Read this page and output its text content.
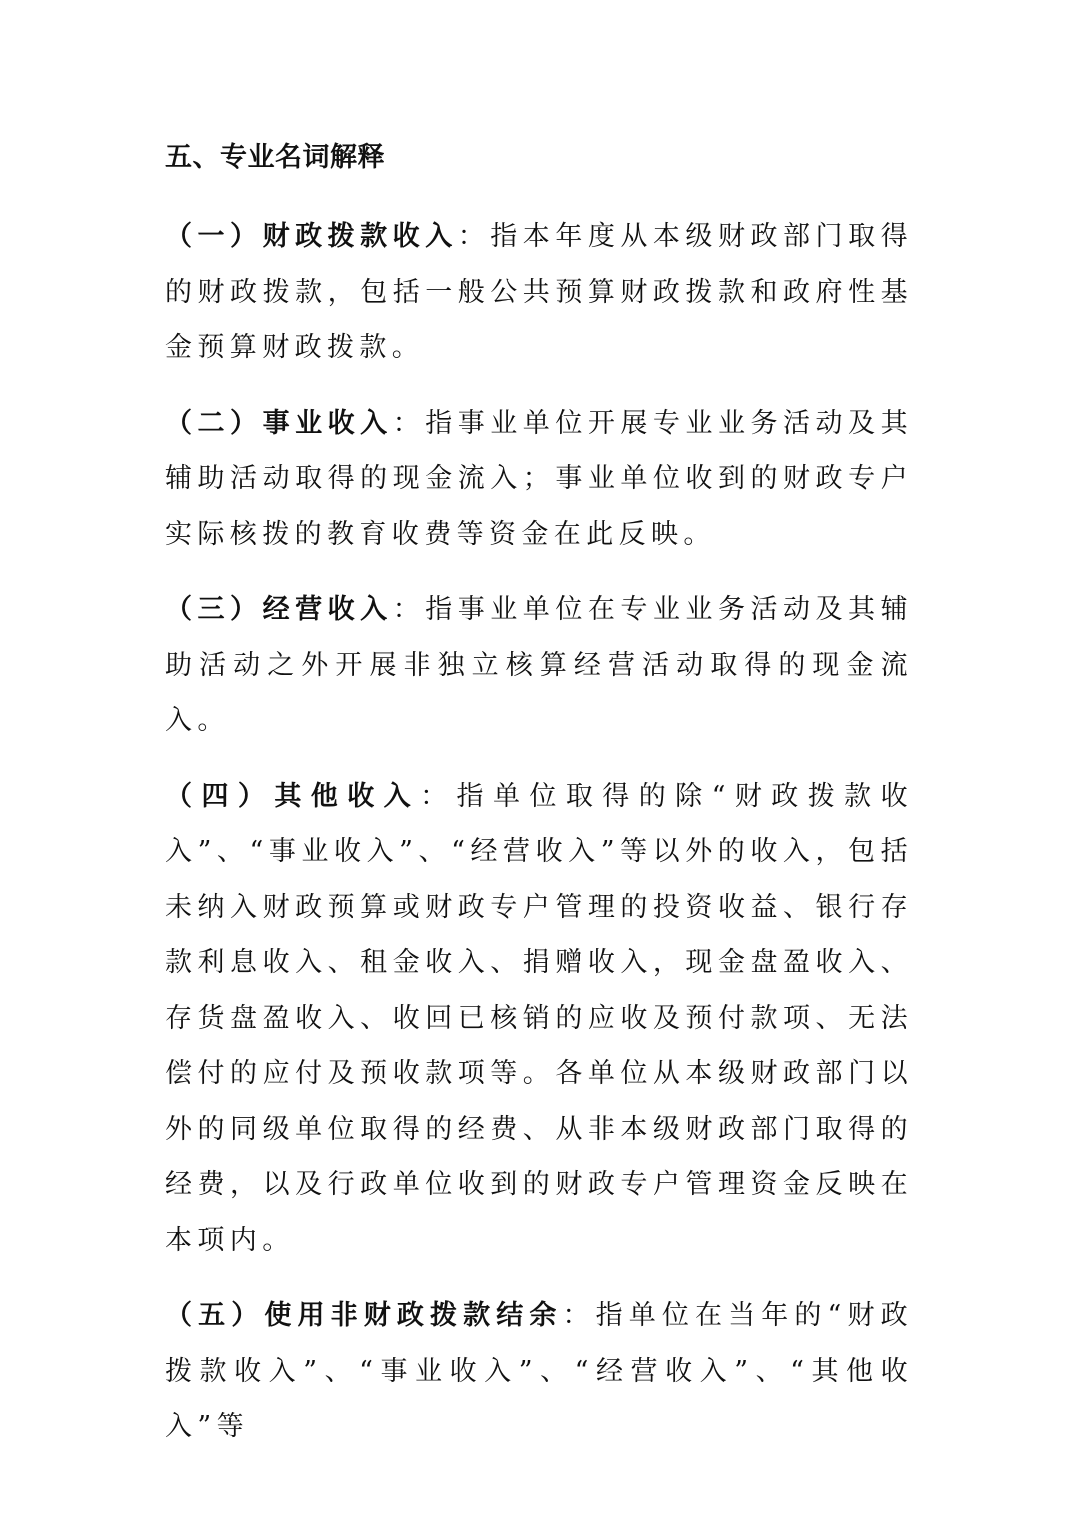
五、专业名词解释

（一）财政拨款收入：指本年度从本级财政部门取得的财政拨款，包括一般公共预算财政拨款和政府性基金预算财政拨款。

（二）事业收入：指事业单位开展专业业务活动及其辅助活动取得的现金流入；事业单位收到的财政专户实际核拨的教育收费等资金在此反映。

（三）经营收入：指事业单位在专业业务活动及其辅助活动之外开展非独立核算经营活动取得的现金流入。

（四）其他收入：指单位取得的除“财政拨款收入”、“事业收入”、“经营收入”等以外的收入，包括未纳入财政预算或财政专户管理的投资收益、银行存款利息收入、租金收入、捐赠收入，现金盘盈收入、存货盘盈收入、收回已核销的应收及预付款项、无法偿付的应付及预收款项等。各单位从本级财政部门以外的同级单位取得的经费、从非本级财政部门取得的经费，以及行政单位收到的财政专户管理资金反映在本项内。

（五）使用非财政拨款结余：指单位在当年的“财政拨款收入”、“事业收入”、“经营收入”、“其他收入”等
